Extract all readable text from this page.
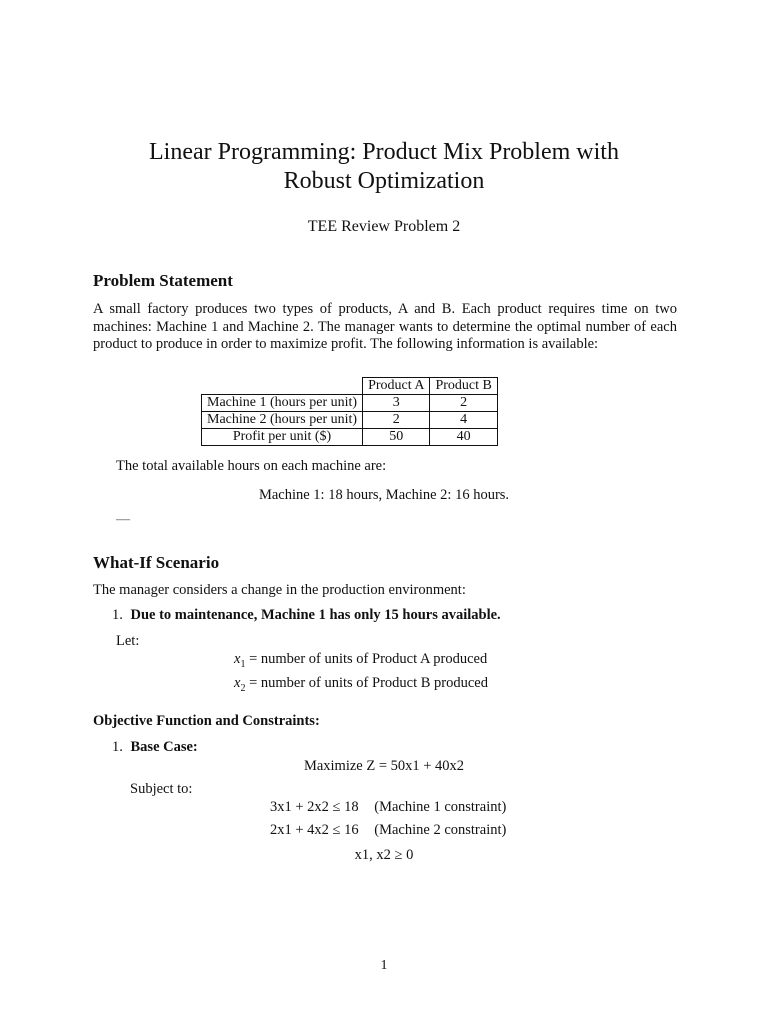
Linear Programming: Product Mix Problem with
Robust Optimization
TEE Review Problem 2
Problem Statement
A small factory produces two types of products, A and B. Each product requires time on two machines: Machine 1 and Machine 2. The manager wants to determine the optimal number of each product to produce in order to maximize profit. The following information is available:
	Product A	Product B
Machine 1 (hours per unit)	3	2
Machine 2 (hours per unit)	2	4
Profit per unit ($)	50	40
The total available hours on each machine are:
Machine 1: 18 hours, Machine 2: 16 hours.
—
What-If Scenario
The manager considers a change in the production environment:
1. Due to maintenance, Machine 1 has only 15 hours available.
Let:
$x_1$ = number of units of Product A produced
$x_2$ = number of units of Product B produced
Objective Function and Constraints:
1. Base Case:
Maximize Z = 50x1 + 40x2
Subject to:
3x1 + 2x2 ≤ 18 (Machine 1 constraint)
2x1 + 4x2 ≤ 16 (Machine 2 constraint)
x1, x2 ≥ 0
1
